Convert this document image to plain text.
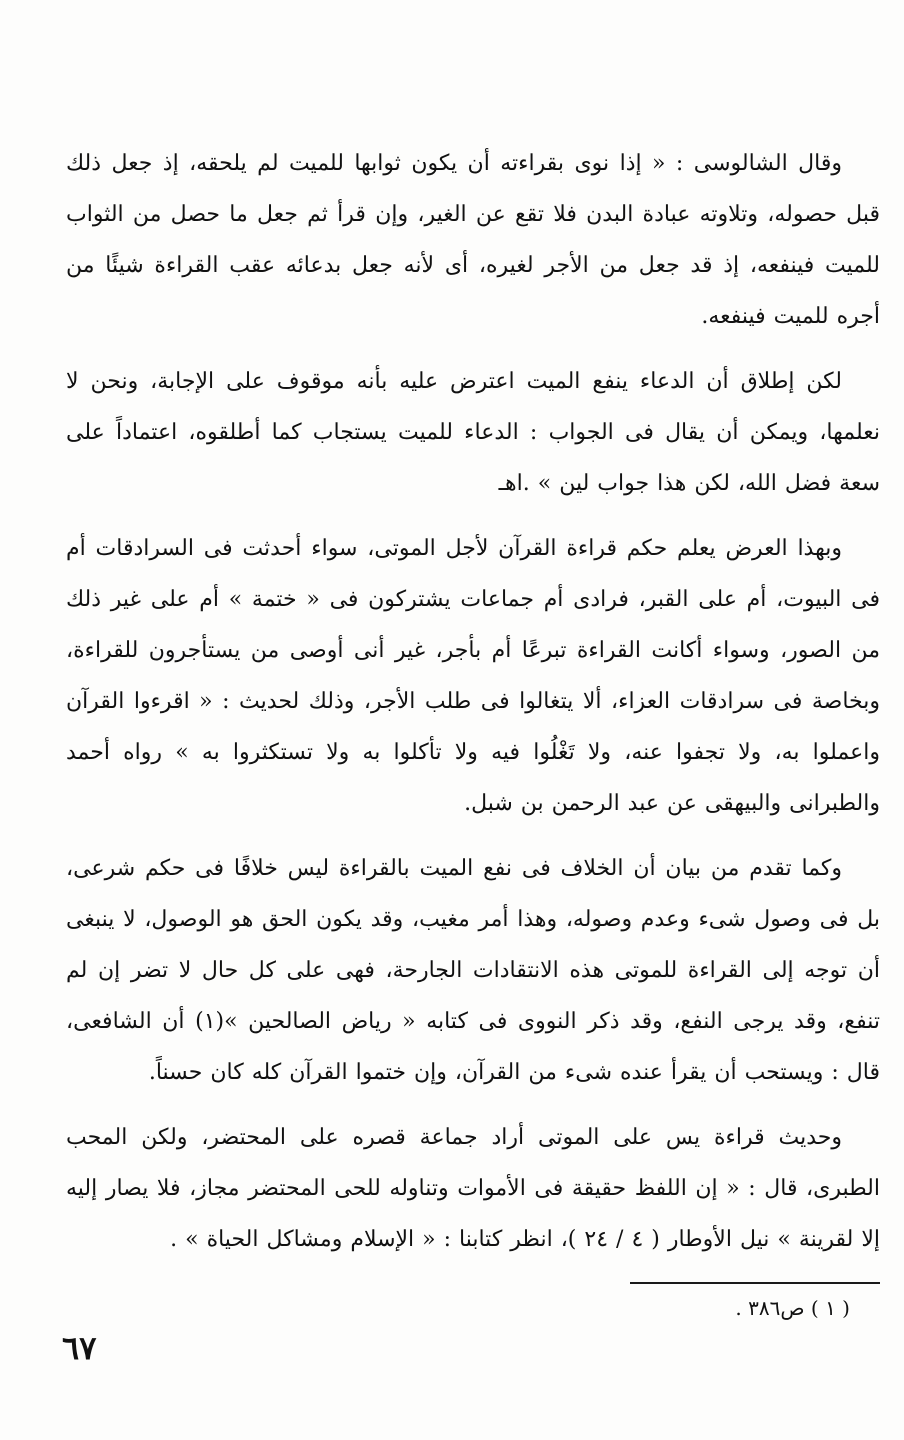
وقال الشالوسى : « إذا نوى بقراءته أن يكون ثوابها للميت لم يلحقه، إذ جعل ذلك قبل حصوله، وتلاوته عبادة البدن فلا تقع عن الغير، وإن قرأ ثم جعل ما حصل من الثواب للميت فينفعه، إذ قد جعل من الأجر لغيره، أى لأنه جعل بدعائه عقب القراءة شيئًا من أجره للميت فينفعه.

لكن إطلاق أن الدعاء ينفع الميت اعترض عليه بأنه موقوف على الإجابة، ونحن لا نعلمها، ويمكن أن يقال فى الجواب : الدعاء للميت يستجاب كما أطلقوه، اعتماداً على سعة فضل الله، لكن هذا جواب لين » .اهـ

وبهذا العرض يعلم حكم قراءة القرآن لأجل الموتى، سواء أحدثت فى السرادقات أم فى البيوت، أم على القبر، فرادى أم جماعات يشتركون فى « ختمة » أم على غير ذلك من الصور، وسواء أكانت القراءة تبرعًا أم بأجر، غير أنى أوصى من يستأجرون للقراءة، وبخاصة فى سرادقات العزاء، ألا يتغالوا فى طلب الأجر، وذلك لحديث : « اقرءوا القرآن واعملوا به، ولا تجفوا عنه، ولا تَغْلُوا فيه ولا تأكلوا به ولا تستكثروا به » رواه أحمد والطبرانى والبيهقى عن عبد الرحمن بن شبل.

وكما تقدم من بيان أن الخلاف فى نفع الميت بالقراءة ليس خلافًا فى حكم شرعى، بل فى وصول شىء وعدم وصوله، وهذا أمر مغيب، وقد يكون الحق هو الوصول، لا ينبغى أن توجه إلى القراءة للموتى هذه الانتقادات الجارحة، فهى على كل حال لا تضر إن لم تنفع، وقد يرجى النفع، وقد ذكر النووى فى كتابه « رياض الصالحين »(١) أن الشافعى، قال : ويستحب أن يقرأ عنده شىء من القرآن، وإن ختموا القرآن كله كان حسناً.

وحديث قراءة يس على الموتى أراد جماعة قصره على المحتضر، ولكن المحب الطبرى، قال : « إن اللفظ حقيقة فى الأموات وتناوله للحى المحتضر مجاز، فلا يصار إليه إلا لقرينة » نيل الأوطار ( ٤ / ٢٤ )، انظر كتابنا : « الإسلام ومشاكل الحياة » .

( ١ ) ص٣٨٦ .
٦٧
